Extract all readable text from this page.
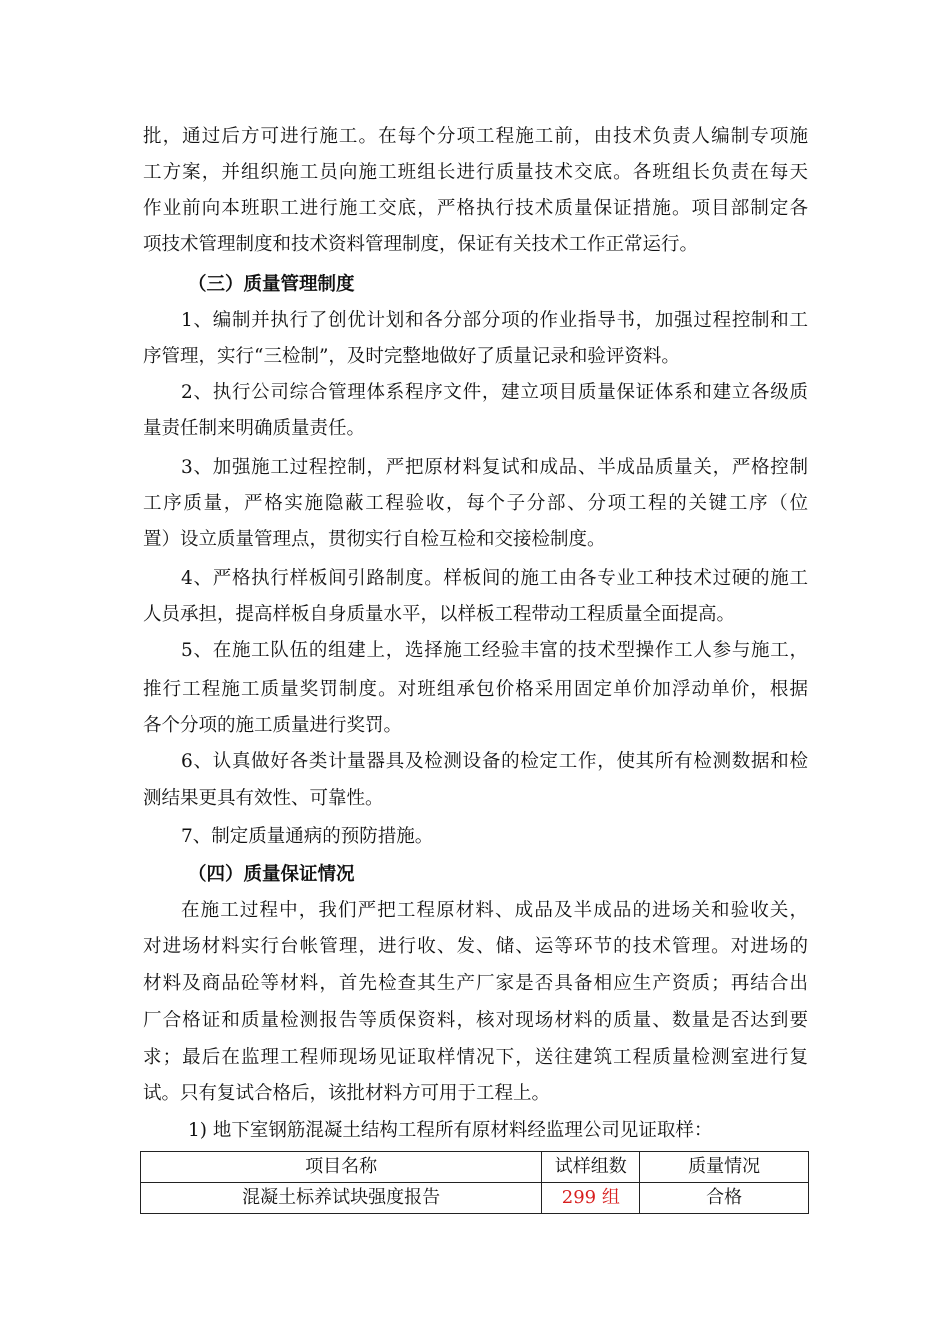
批，通过后方可进行施工。在每个分项工程施工前，由技术负责人编制专项施
工方案，并组织施工员向施工班组长进行质量技术交底。各班组长负责在每天
作业前向本班职工进行施工交底，严格执行技术质量保证措施。项目部制定各
项技术管理制度和技术资料管理制度，保证有关技术工作正常运行。
（三）质量管理制度
1、编制并执行了创优计划和各分部分项的作业指导书，加强过程控制和工
序管理，实行“三检制”，及时完整地做好了质量记录和验评资料。
2、执行公司综合管理体系程序文件，建立项目质量保证体系和建立各级质
量责任制来明确质量责任。
3、加强施工过程控制，严把原材料复试和成品、半成品质量关，严格控制
工序质量，严格实施隐蔽工程验收，每个子分部、分项工程的关键工序（位
置）设立质量管理点，贯彻实行自检互检和交接检制度。
4、严格执行样板间引路制度。样板间的施工由各专业工种技术过硬的施工
人员承担，提高样板自身质量水平，以样板工程带动工程质量全面提高。
5、在施工队伍的组建上，选择施工经验丰富的技术型操作工人参与施工，
推行工程施工质量奖罚制度。对班组承包价格采用固定单价加浮动单价，根据
各个分项的施工质量进行奖罚。
6、认真做好各类计量器具及检测设备的检定工作，使其所有检测数据和检
测结果更具有效性、可靠性。
7、制定质量通病的预防措施。
（四）质量保证情况
在施工过程中，我们严把工程原材料、成品及半成品的进场关和验收关，
对进场材料实行台帐管理，进行收、发、储、运等环节的技术管理。对进场的
材料及商品砼等材料，首先检查其生产厂家是否具备相应生产资质；再结合出
厂合格证和质量检测报告等质保资料，核对现场材料的质量、数量是否达到要
求；最后在监理工程师现场见证取样情况下，送往建筑工程质量检测室进行复
试。只有复试合格后，该批材料方可用于工程上。
1) 地下室钢筋混凝土结构工程所有原材料经监理公司见证取样：
项目名称	试样组数	质量情况
混凝土标养试块强度报告	299 组	合格
